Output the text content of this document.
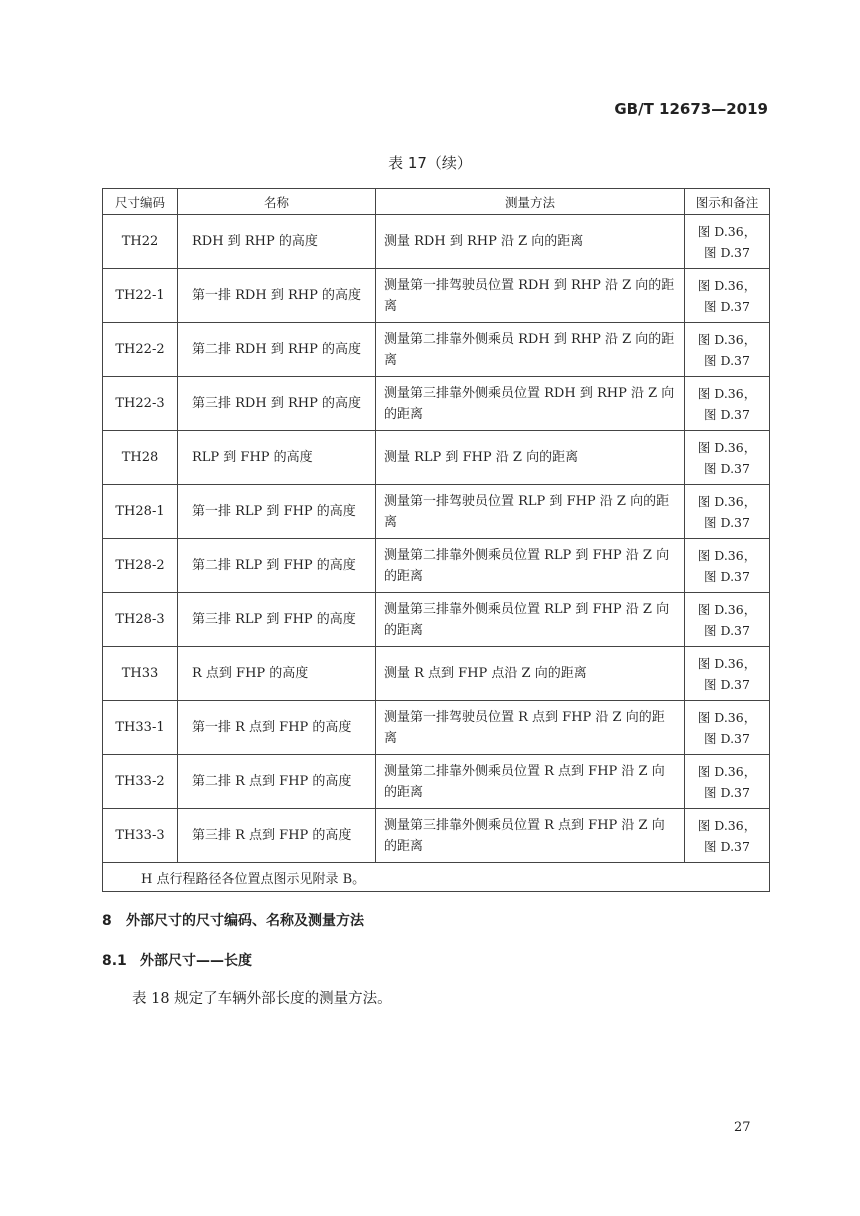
GB/T 12673—2019
表 17（续）
尺寸编码	名称	测量方法	图示和备注
TH22	RDH 到 RHP 的高度	测量 RDH 到 RHP 沿 Z 向的距离	图 D.36，
图 D.37
TH22-1	第一排 RDH 到 RHP 的高度	测量第一排驾驶员位置 RDH 到 RHP 沿 Z 向的距离	图 D.36，
图 D.37
TH22-2	第二排 RDH 到 RHP 的高度	测量第二排靠外侧乘员 RDH 到 RHP 沿 Z 向的距离	图 D.36，
图 D.37
TH22-3	第三排 RDH 到 RHP 的高度	测量第三排靠外侧乘员位置 RDH 到 RHP 沿 Z 向的距离	图 D.36，
图 D.37
TH28	RLP 到 FHP 的高度	测量 RLP 到 FHP 沿 Z 向的距离	图 D.36，
图 D.37
TH28-1	第一排 RLP 到 FHP 的高度	测量第一排驾驶员位置 RLP 到 FHP 沿 Z 向的距离	图 D.36，
图 D.37
TH28-2	第二排 RLP 到 FHP 的高度	测量第二排靠外侧乘员位置 RLP 到 FHP 沿 Z 向的距离	图 D.36，
图 D.37
TH28-3	第三排 RLP 到 FHP 的高度	测量第三排靠外侧乘员位置 RLP 到 FHP 沿 Z 向的距离	图 D.36，
图 D.37
TH33	R 点到 FHP 的高度	测量 R 点到 FHP 点沿 Z 向的距离	图 D.36，
图 D.37
TH33-1	第一排 R 点到 FHP 的高度	测量第一排驾驶员位置 R 点到 FHP 沿 Z 向的距离	图 D.36，
图 D.37
TH33-2	第二排 R 点到 FHP 的高度	测量第二排靠外侧乘员位置 R 点到 FHP 沿 Z 向的距离	图 D.36，
图 D.37
TH33-3	第三排 R 点到 FHP 的高度	测量第三排靠外侧乘员位置 R 点到 FHP 沿 Z 向的距离	图 D.36，
图 D.37
H 点行程路径各位置点图示见附录 B。			
8 外部尺寸的尺寸编码、名称及测量方法
8.1 外部尺寸——长度
表 18 规定了车辆外部长度的测量方法。
27
